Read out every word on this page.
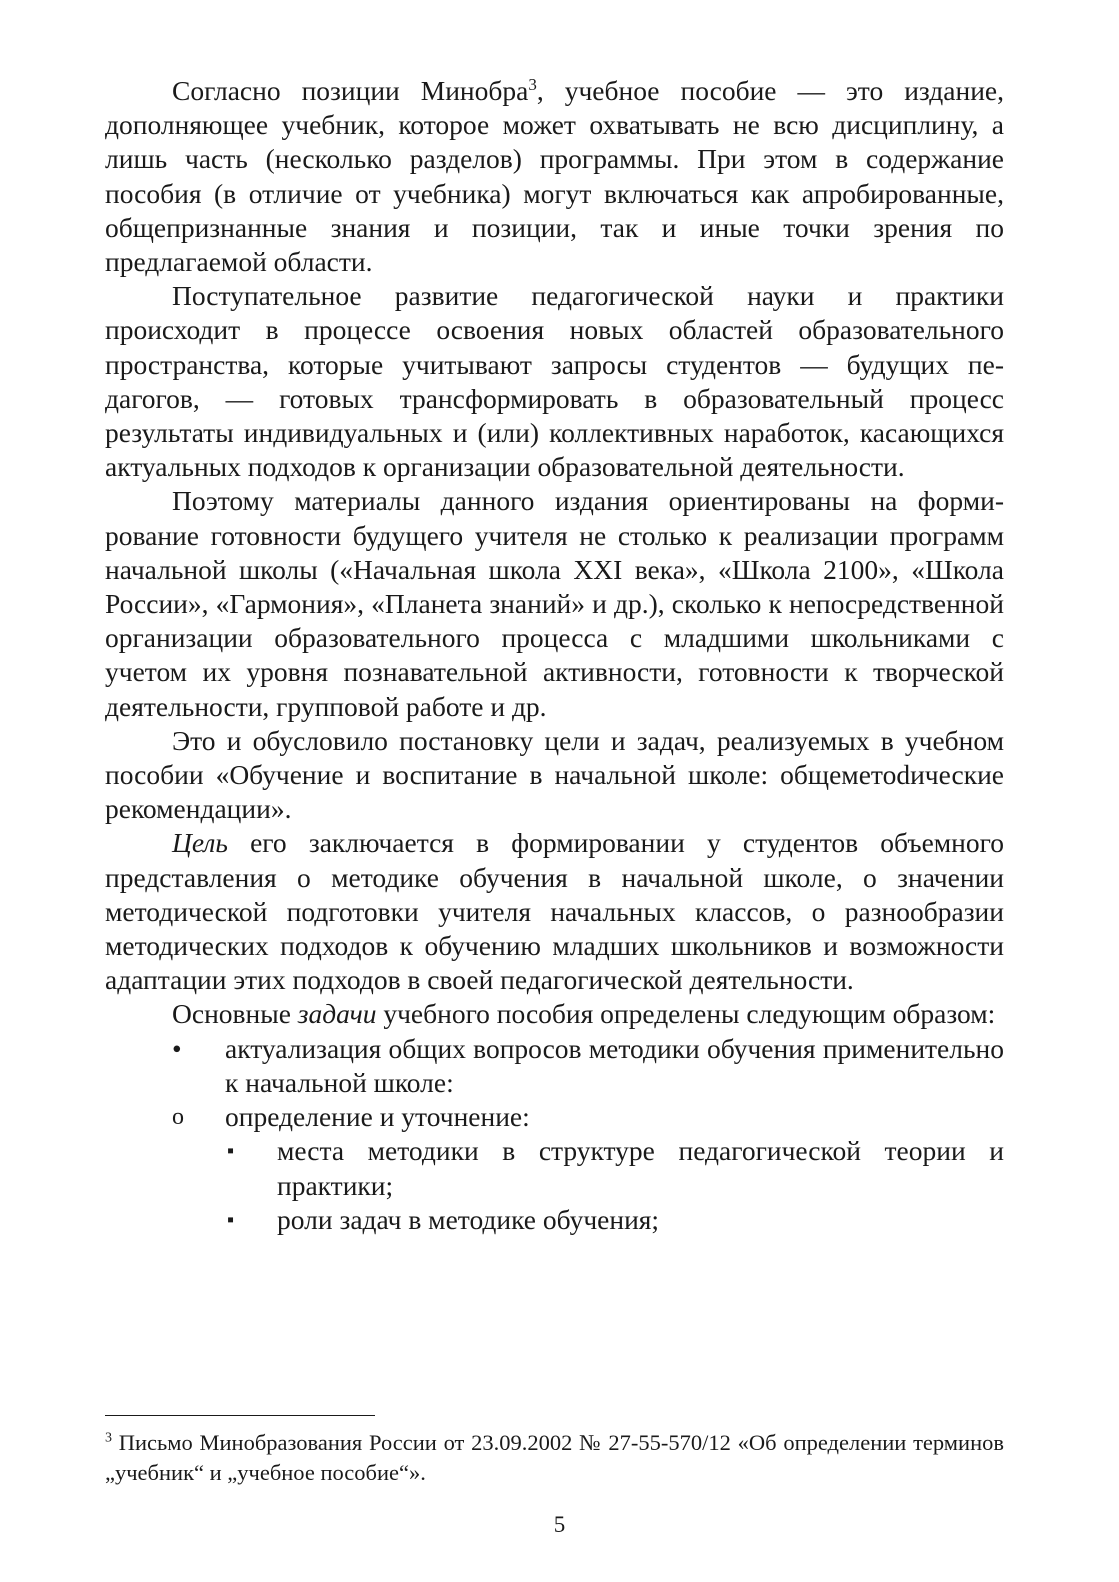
Согласно позиции Минобра$^3$, учебное пособие — это издание, дополняющее учебник, которое может охватывать не всю дисциплину, а лишь часть (несколько разделов) программы. При этом в содержание пособия (в отличие от учебника) могут включаться как апробированные, общепризнанные знания и позиции, так и иные точки зрения по предлагаемой области.

Поступательное развитие педагогической науки и практики происходит в процессе освоения новых областей образовательного пространства, которые учитывают запросы студентов — будущих педагогов, — готовых трансформировать в образовательный процесс результаты индивидуальных и (или) коллективных наработок, касающихся актуальных подходов к организации образовательной деятельности.

Поэтому материалы данного издания ориентированы на формирование готовности будущего учителя не столько к реализации программ начальной школы («Начальная школа XXI века», «Школа 2100», «Школа России», «Гармония», «Планета знаний» и др.), сколько к непосредственной организации образовательного процесса с младшими школьниками с учетом их уровня познавательной активности, готовности к творческой деятельности, групповой работе и др.

Это и обусловило постановку цели и задач, реализуемых в учебном пособии «Обучение и воспитание в начальной школе: общеметоdические рекомендации».

Цель его заключается в формировании у студентов объемного представления о методике обучения в начальной школе, о значении методической подготовки учителя начальных классов, о разнообразии методических подходов к обучению младших школьников и возможности адаптации этих подходов в своей педагогической деятельности.

Основные задачи учебного пособия определены следующим образом:

• актуализация общих вопросов методики обучения применительно к начальной школе:

o определение и уточнение:

▪ места методики в структуре педагогической теории и практики;

▪ роли задач в методике обучения;

$^3$ Письмо Минобразования России от 23.09.2002 № 27-55-570/12 «Об определении терминов „учебник“ и „учебное пособие“».
5
